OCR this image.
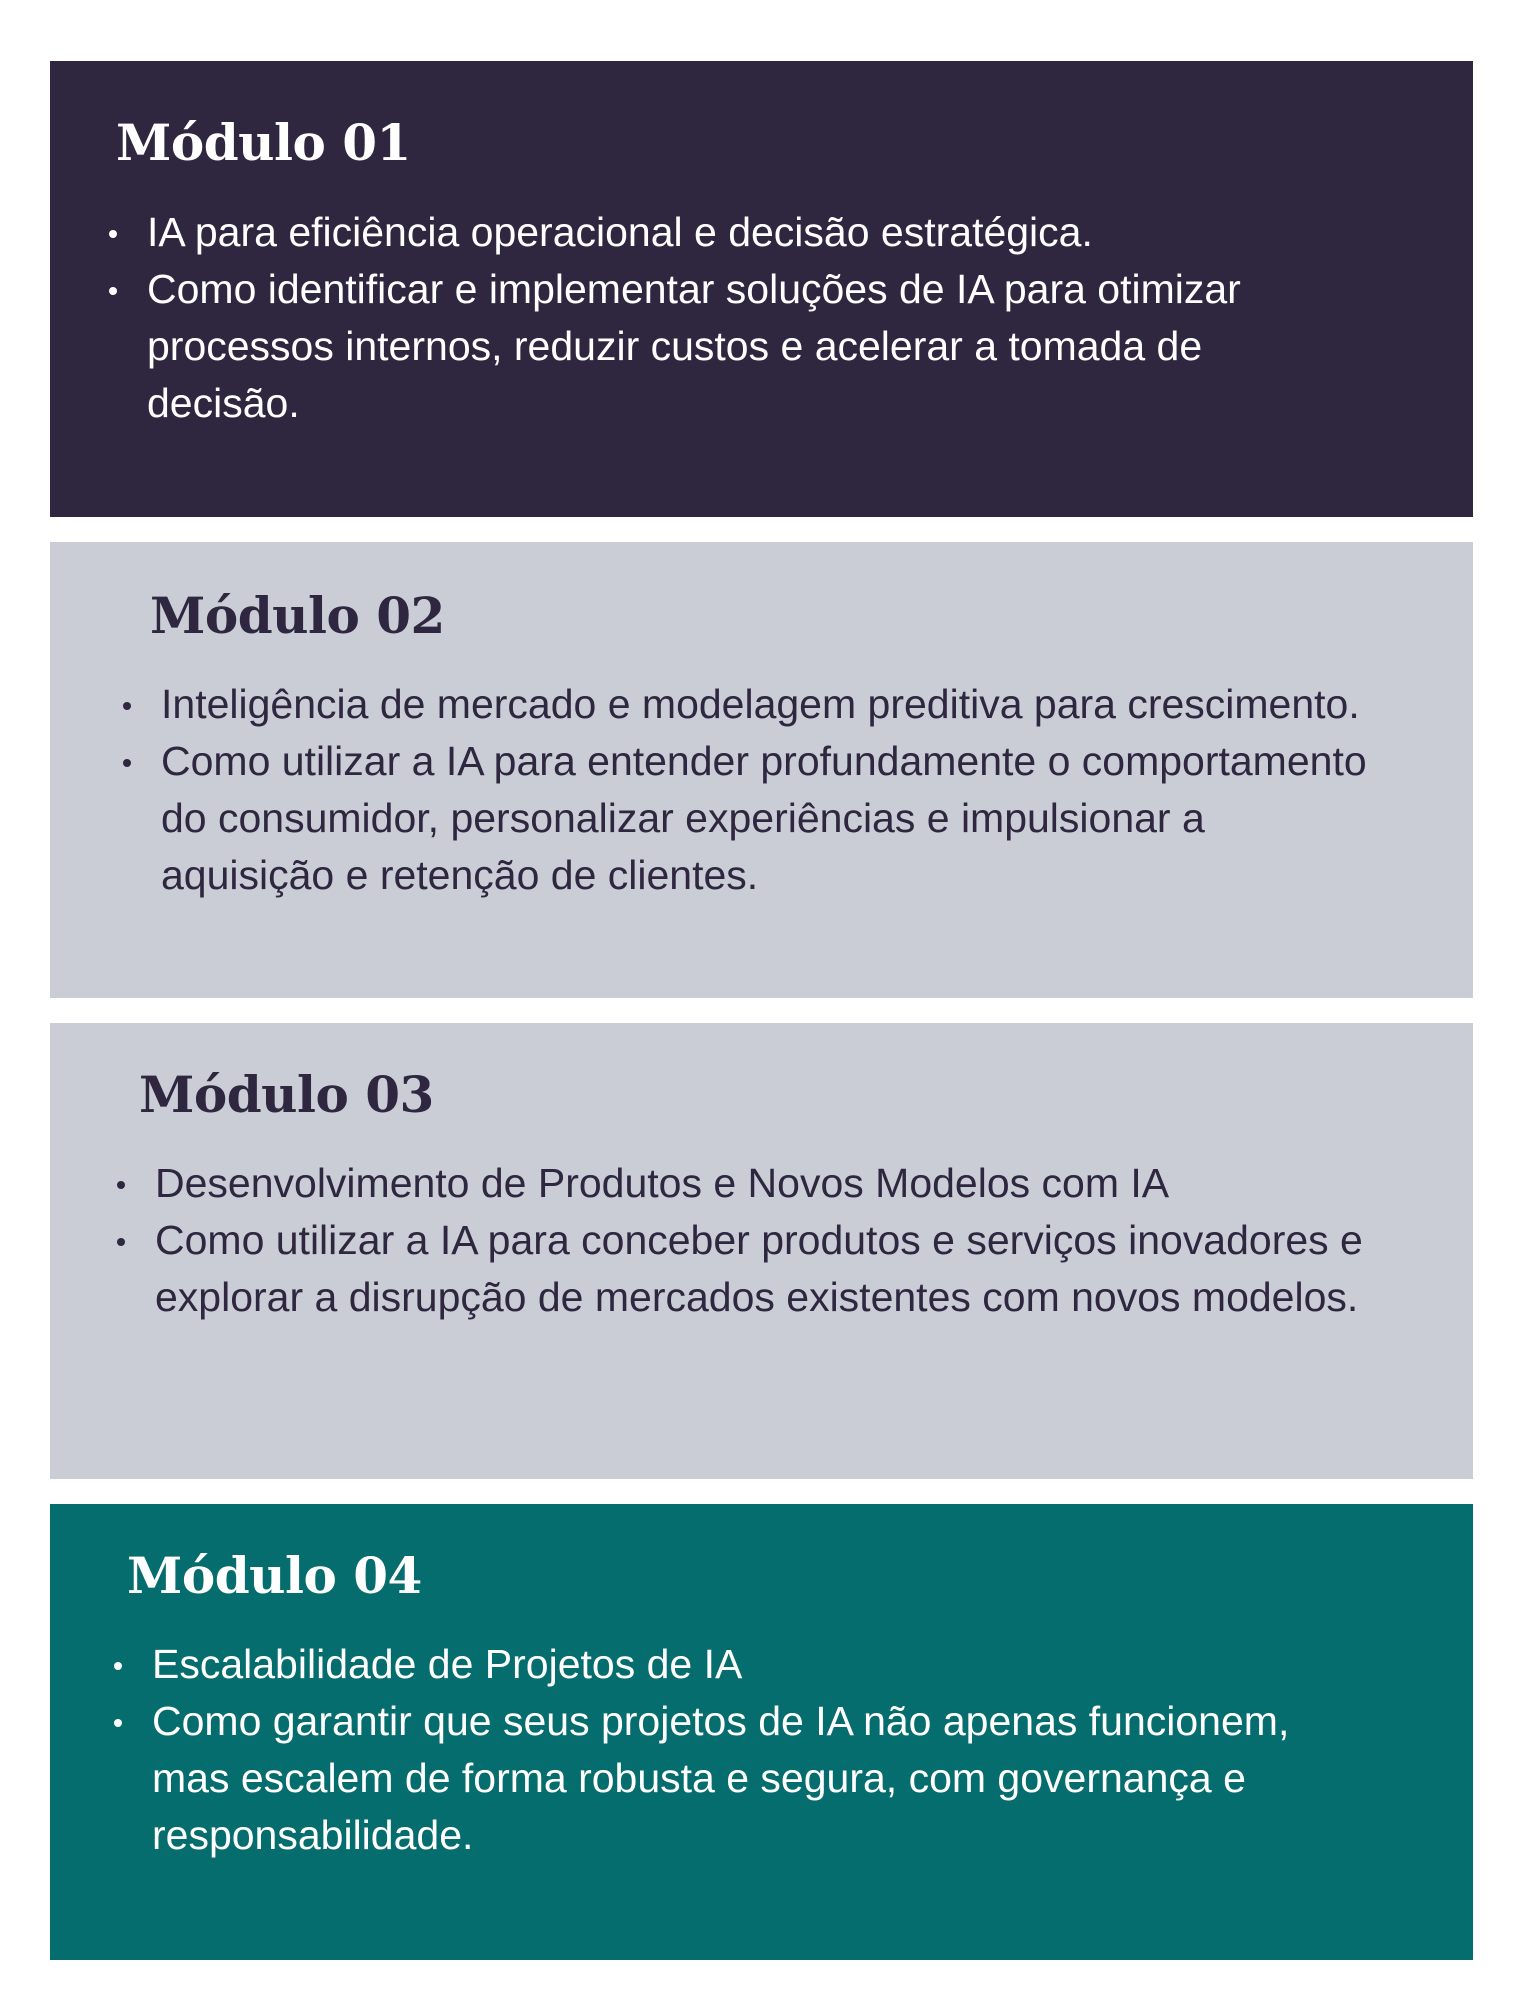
Módulo 01
IA para eficiência operacional e decisão estratégica.
Como identificar e implementar soluções de IA para otimizar processos internos, reduzir custos e acelerar a tomada de decisão.
Módulo 02
Inteligência de mercado e modelagem preditiva para crescimento.
Como utilizar a IA para entender profundamente o comportamento do consumidor, personalizar experiências e impulsionar a aquisição e retenção de clientes.
Módulo 03
Desenvolvimento de Produtos e Novos Modelos com IA
Como utilizar a IA para conceber produtos e serviços inovadores e explorar a disrupção de mercados existentes com novos modelos.
Módulo 04
Escalabilidade de Projetos de IA
Como garantir que seus projetos de IA não apenas funcionem, mas escalem de forma robusta e segura, com governança e responsabilidade.
